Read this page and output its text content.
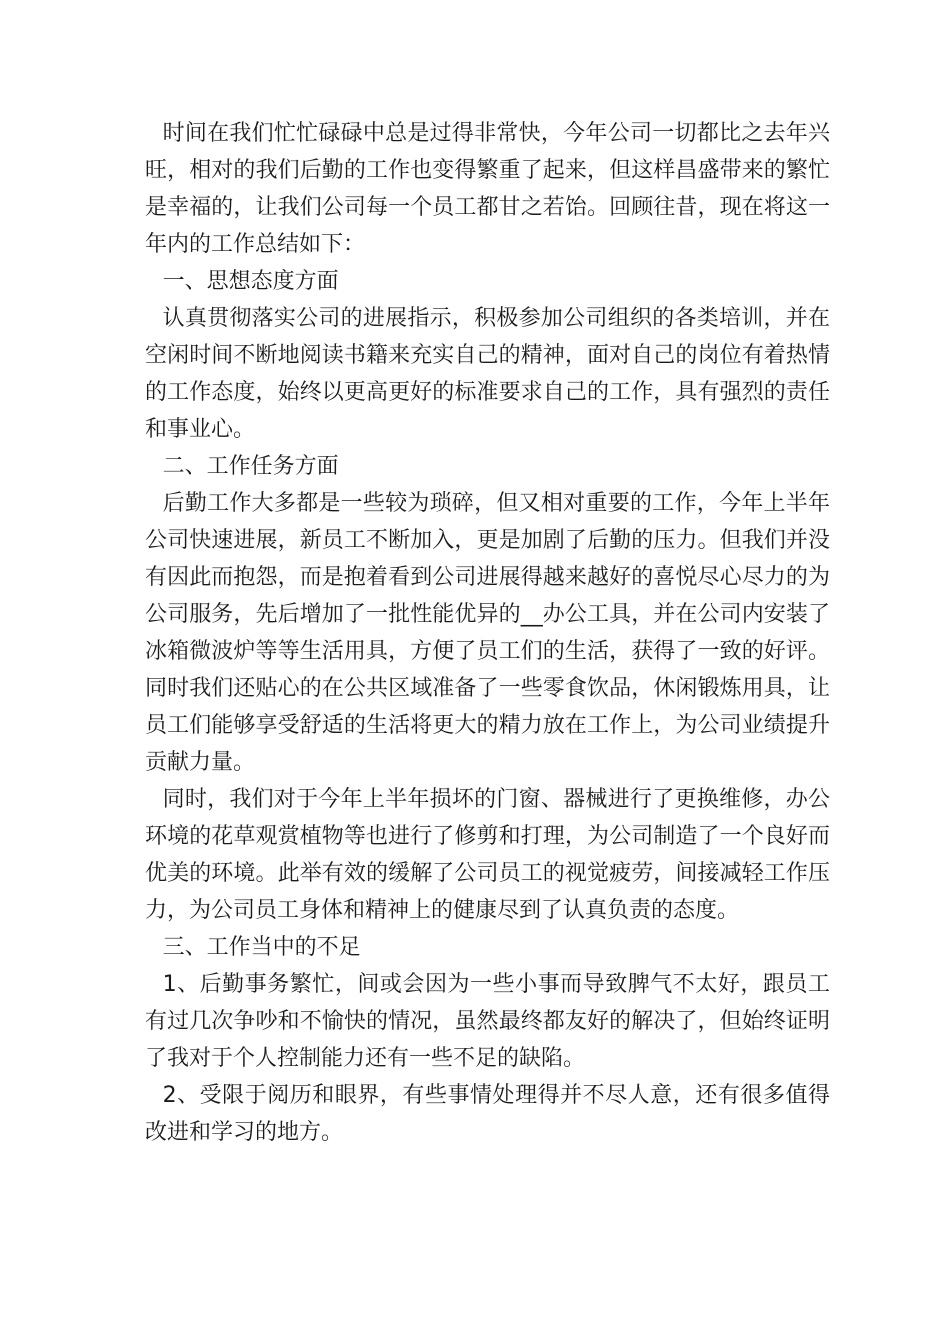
时间在我们忙忙碌碌中总是过得非常快，今年公司一切都比之去年兴旺，相对的我们后勤的工作也变得繁重了起来，但这样昌盛带来的繁忙是幸福的，让我们公司每一个员工都甘之若饴。回顾往昔，现在将这一年内的工作总结如下：

一、思想态度方面

认真贯彻落实公司的进展指示，积极参加公司组织的各类培训，并在空闲时间不断地阅读书籍来充实自己的精神，面对自己的岗位有着热情的工作态度，始终以更高更好的标准要求自己的工作，具有强烈的责任和事业心。

二、工作任务方面

后勤工作大多都是一些较为琐碎，但又相对重要的工作，今年上半年公司快速进展，新员工不断加入，更是加剧了后勤的压力。但我们并没有因此而抱怨，而是抱着看到公司进展得越来越好的喜悦尽心尽力的为公司服务，先后增加了一批性能优异的__办公工具，并在公司内安装了冰箱微波炉等等生活用具，方便了员工们的生活，获得了一致的好评。同时我们还贴心的在公共区域准备了一些零食饮品，休闲锻炼用具，让员工们能够享受舒适的生活将更大的精力放在工作上，为公司业绩提升贡献力量。

同时，我们对于今年上半年损坏的门窗、器械进行了更换维修，办公环境的花草观赏植物等也进行了修剪和打理，为公司制造了一个良好而优美的环境。此举有效的缓解了公司员工的视觉疲劳，间接减轻工作压力，为公司员工身体和精神上的健康尽到了认真负责的态度。

三、工作当中的不足

1、后勤事务繁忙，间或会因为一些小事而导致脾气不太好，跟员工有过几次争吵和不愉快的情况，虽然最终都友好的解决了，但始终证明了我对于个人控制能力还有一些不足的缺陷。

2、受限于阅历和眼界，有些事情处理得并不尽人意，还有很多值得改进和学习的地方。
